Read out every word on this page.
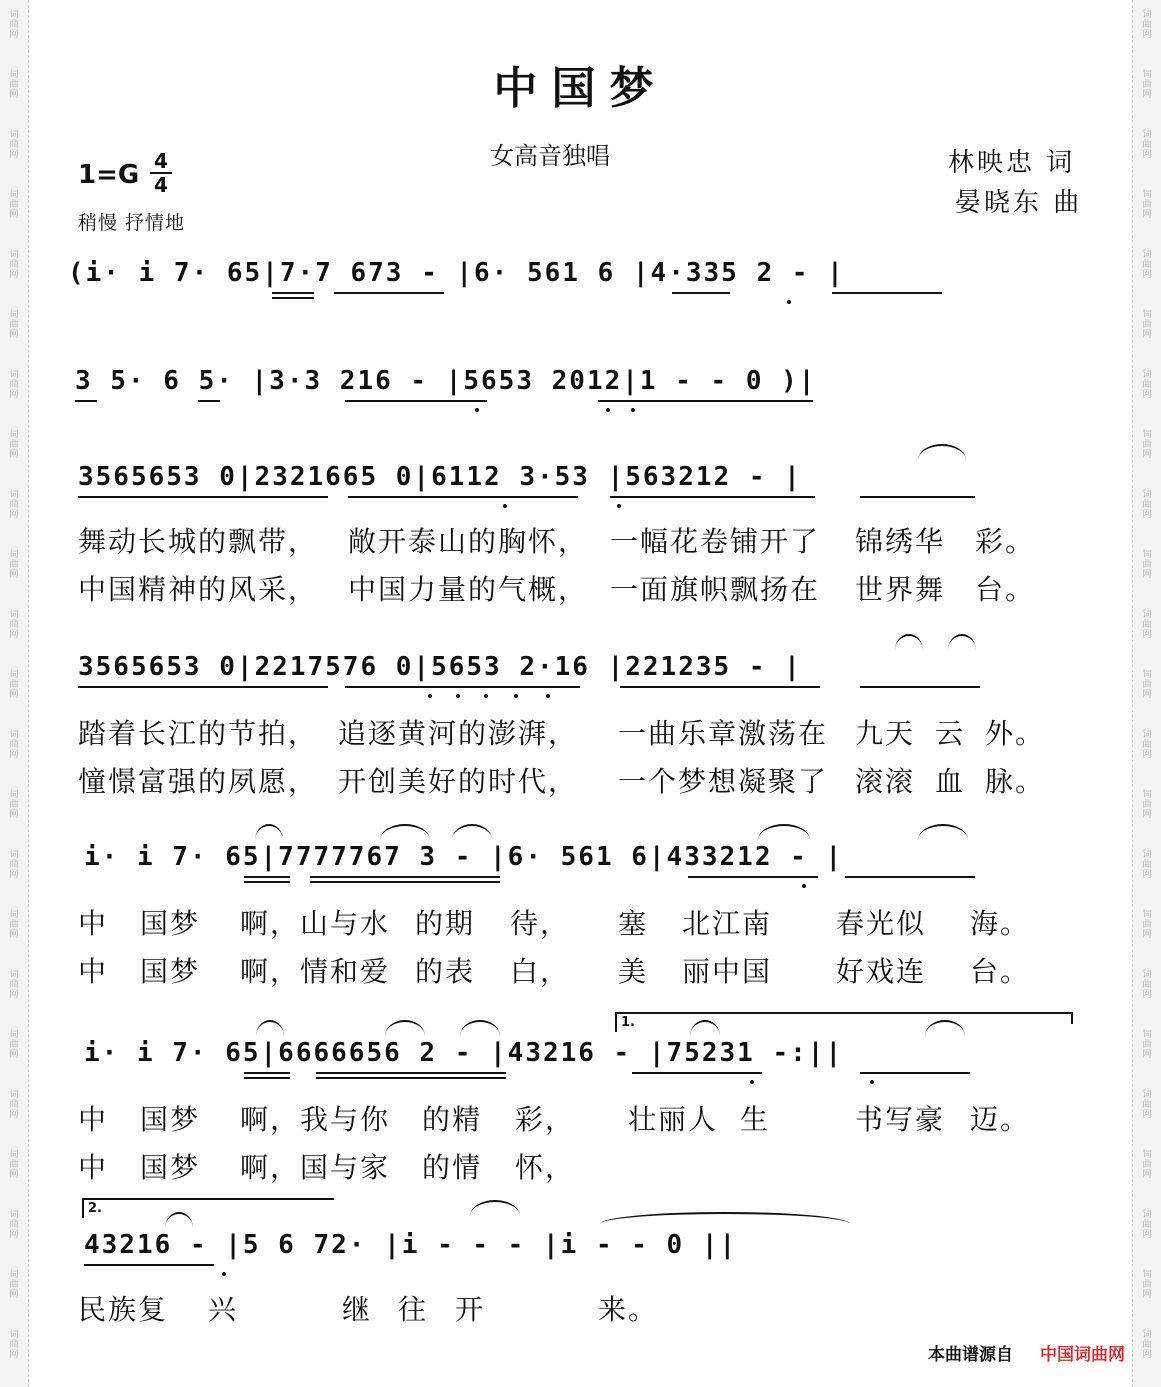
词
曲
网
词
曲
网
词
曲
网
词
曲
网
词
曲
网
词
曲
网
词
曲
网
词
曲
网
词
曲
网
词
曲
网
词
曲
网
词
曲
网
词
曲
网
词
曲
网
词
曲
网
词
曲
网
词
曲
网
词
曲
网
词
曲
网
词
曲
网
词
曲
网
词
曲
网
词
曲
网
词
曲
网
词
曲
网
词
曲
网
词
曲
网
词
曲
网
词
曲
网
词
曲
网
词
曲
网
词
曲
网
词
曲
网
词
曲
网
词
曲
网
词
曲
网
词
曲
网
词
曲
网
词
曲
网
词
曲
网
词
曲
网
词
曲
网
词
曲
网
词
曲
网
词
曲
网
词
曲
网
中国梦
女高音独唱	林映忠 词
晏晓东 曲
1=G 4
4
稍慢 抒情地
(i· i 7· 65|7·7 673 - |6· 561 6 |4·335 2 - |
3 5· 6 5· |3·3 216 - |5653 2012|1 - - 0 )|
3565653 0|2321665 0|6112 3·53 |563212 - |
舞动长城的飘带， 敞开泰山的胸怀， 一幅花卷铺开了 锦绣华 彩。
中国精神的风采， 中国力量的气概， 一面旗帜飘扬在 世界舞 台。
3565653 0|2217576 0|5653 2·16 |221235 - |
踏着长江的节拍， 追逐黄河的澎湃， 一曲乐章激荡在 九天 云 外。
憧憬富强的夙愿， 开创美好的时代， 一个梦想凝聚了 滚滚 血 脉。
i· i 7· 65|7777767 3 - |6· 561 6|433212 - |
中 国梦 啊，山与水 的期 待， 塞 北江南 春光似 海。
中 国梦 啊，情和爱 的表 白， 美 丽中国 好戏连 台。
1.
i· i 7· 65|6666656 2 - |43216 - |75231 -:||
中 国梦 啊，我与你 的精 彩， 壮丽人 生	书写豪 迈。
中 国梦 啊，国与家 的情 怀，
2.
43216 - |5 6 72· |i - - - |i - - 0 ||
民族复 兴	继 往 开	来。
本曲谱源自 中国词曲网
